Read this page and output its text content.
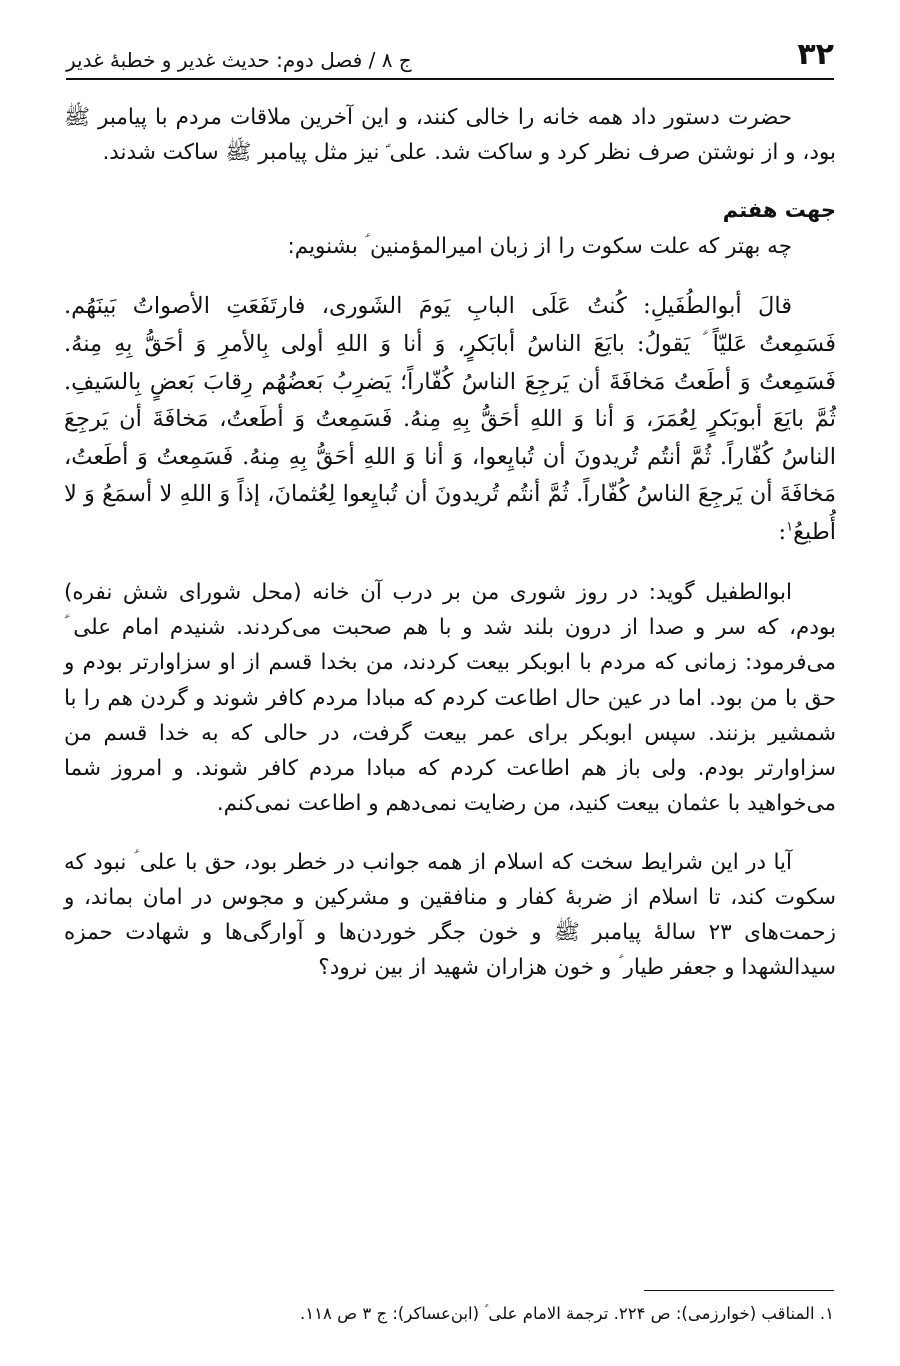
۳۲
ج ۸ / فصل دوم: حدیث غدیر و خطبۀ غدیر

حضرت دستور داد همه خانه را خالی کنند، و این آخرین ملاقات مردم با پیامبر ﷺ بود، و از نوشتن صرف نظر کرد و ساکت شد. علی ؑ نیز مثل پیامبر ﷺ ساکت شدند.

جهت هفتم

چه بهتر که علت سکوت را از زبان امیرالمؤمنین ؑ بشنویم:

قالَ أبوالطُفَیلِ: کُنتُ عَلَی البابِ یَومَ الشَوری، فارتَفَعَتِ الأصواتُ بَینَهُم. فَسَمِعتُ عَلیّاً ؑ یَقولُ: بایَعَ الناسُ أبابَکرٍ، وَ أنا وَ اللهِ أولی بِالأمرِ وَ أحَقُّ بِهِ مِنهُ. فَسَمِعتُ وَ أطَعتُ مَخافَةَ أن یَرجِعَ الناسُ کُفّاراً؛ یَضرِبُ بَعضُهُم رِقابَ بَعضٍ بِالسَیفِ. ثُمَّ بایَعَ أبوبَکرٍ لِعُمَرَ، وَ أنا وَ اللهِ أحَقُّ بِهِ مِنهُ. فَسَمِعتُ وَ أطَعتُ، مَخافَةَ أن یَرجِعَ الناسُ کُفّاراً. ثُمَّ أنتُم تُریدونَ أن تُبایِعوا، وَ أنا وَ اللهِ أحَقُّ بِهِ مِنهُ. فَسَمِعتُ وَ أطَعتُ، مَخافَةَ أن یَرجِعَ الناسُ کُفّاراً. ثُمَّ أنتُم تُریدونَ أن تُبایِعوا لِعُثمانَ، إذاً وَ اللهِ لا أسمَعُ وَ لا أُطیعُ$^۱$:

ابوالطفیل گوید: در روز شوری من بر درب آن خانه (محل شورای شش نفره) بودم، که سر و صدا از درون بلند شد و با هم صحبت می‌کردند. شنیدم امام علی ؑ می‌فرمود: زمانی که مردم با ابوبکر بیعت کردند، من بخدا قسم از او سزاوارتر بودم و حق با من بود. اما در عین حال اطاعت کردم که مبادا مردم کافر شوند و گردن هم را با شمشیر بزنند. سپس ابوبکر برای عمر بیعت گرفت، در حالی که به خدا قسم من سزاوارتر بودم. ولی باز هم اطاعت کردم که مبادا مردم کافر شوند. و امروز شما می‌خواهید با عثمان بیعت کنید، من رضایت نمی‌دهم و اطاعت نمی‌کنم.

آیا در این شرایط سخت که اسلام از همه جوانب در خطر بود، حق با علی ؑ نبود که سکوت کند، تا اسلام از ضربۀ کفار و منافقین و مشرکین و مجوس در امان بماند، و زحمت‌های ۲۳ سالۀ پیامبر ﷺ و خون جگر خوردن‌ها و آوارگی‌ها و شهادت حمزه سیدالشهدا و جعفر طیار ؑ و خون هزاران شهید از بین نرود؟

۱. المناقب (خوارزمی): ص ۲۲۴. ترجمة الامام علی ؑ (ابن‌عساکر): ج ۳ ص ۱۱۸.
